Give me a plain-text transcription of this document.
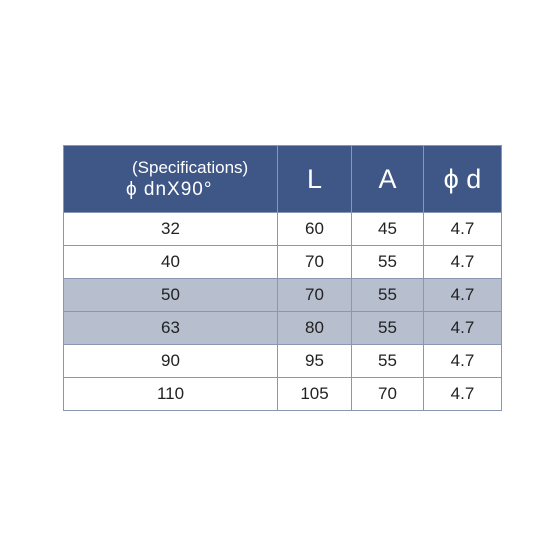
(Specifications)
ϕ dnX90°	L	A	ϕ d
32	60	45	4.7
40	70	55	4.7
50	70	55	4.7
63	80	55	4.7
90	95	55	4.7
110	105	70	4.7
